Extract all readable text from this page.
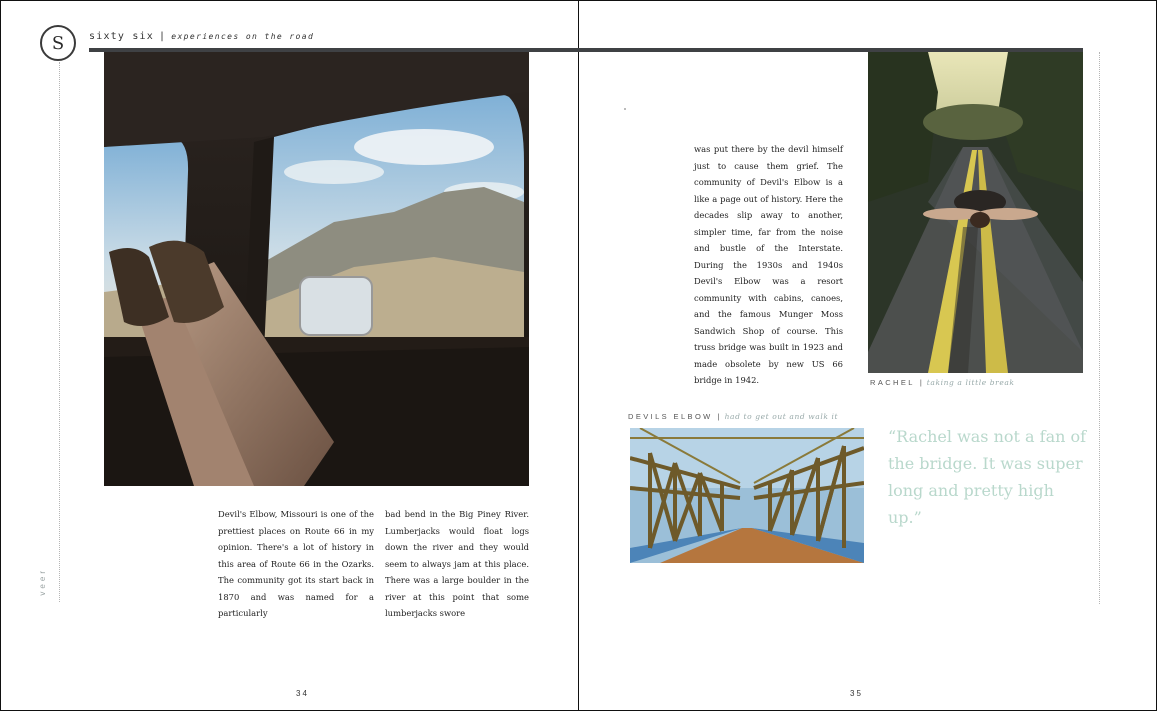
S sixty six | experiences on the road
veer
Devil's Elbow, Missouri is one of the prettiest places on Route 66 in my opinion. There's a lot of history in this area of Route 66 in the Ozarks. The community got its start back in 1870 and was named for a particularly
bad bend in the Big Piney River. Lumberjacks would float logs down the river and they would seem to always jam at this place. There was a large boulder in the river at this point that some lumberjacks swore
34
was put there by the devil himself just to cause them grief. The community of Devil's Elbow is a like a page out of history. Here the decades slip away to another, simpler time, far from the noise and bustle of the Interstate. During the 1930s and 1940s Devil's Elbow was a resort community with cabins, canoes, and the famous Munger Moss Sandwich Shop of course. This truss bridge was built in 1923 and made obsolete by new US 66 bridge in 1942.	RACHEL | taking a little break
DEVILS ELBOW | had to get out and walk it
“Rachel was not a fan of the bridge. It was super long and pretty high up.”
35
